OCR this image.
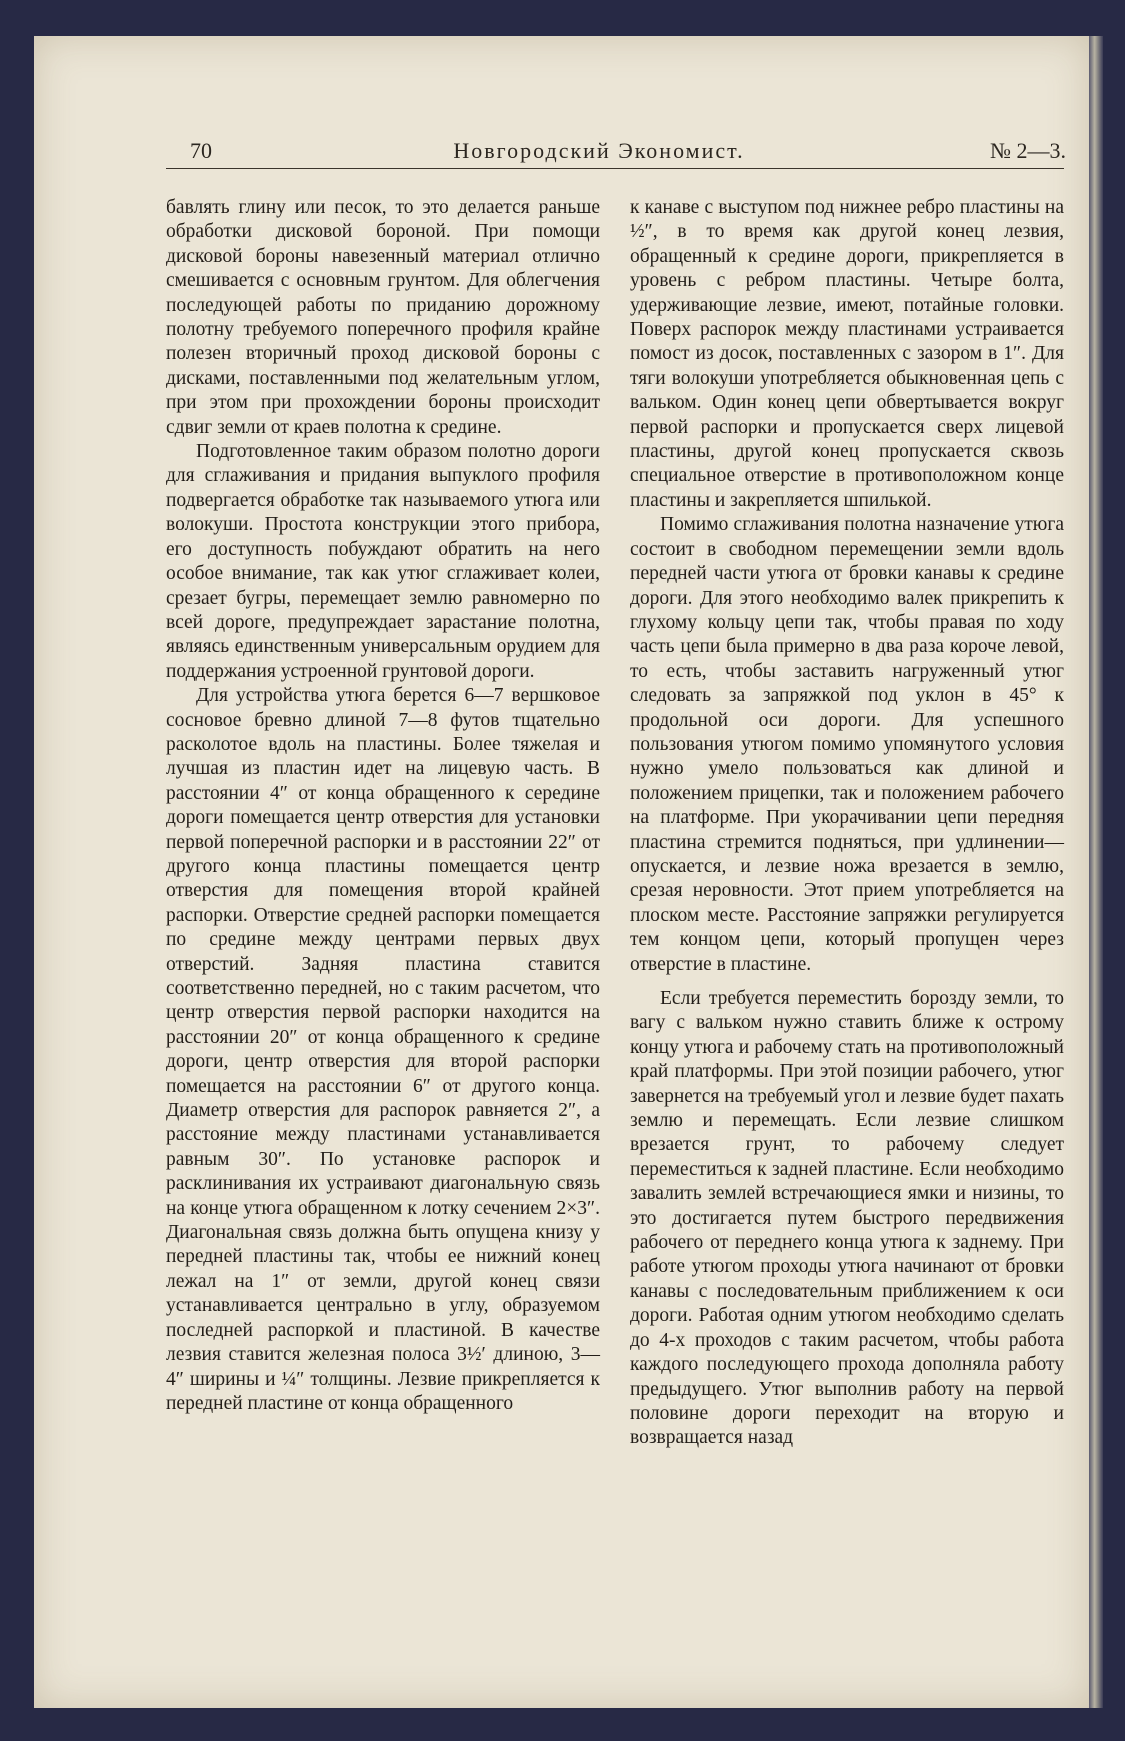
70	Новгородский Экономист.	№ 2—3.

бавлять глину или песок, то это делается раньше обработки дисковой бороной. При помощи дисковой бороны навезенный материал отлично смешивается с основным грунтом. Для облегчения последующей работы по приданию дорожному полотну требуемого поперечного профиля крайне полезен вторичный проход дисковой бороны с дисками, поставленными под желательным углом, при этом при прохождении бороны происходит сдвиг земли от краев полотна к средине.

Подготовленное таким образом полотно дороги для сглаживания и придания выпуклого профиля подвергается обработке так называемого утюга или волокуши. Простота конструкции этого прибора, его доступность побуждают обратить на него особое внимание, так как утюг сглаживает колеи, срезает бугры, перемещает землю равномерно по всей дороге, предупреждает зарастание полотна, являясь единственным универсальным орудием для поддержания устроенной грунтовой дороги.

Для устройства утюга берется 6—7 вершковое сосновое бревно длиной 7—8 футов тщательно расколотое вдоль на пластины. Более тяжелая и лучшая из пластин идет на лицевую часть. В расстоянии 4″ от конца обращенного к середине дороги помещается центр отверстия для установки первой поперечной распорки и в расстоянии 22″ от другого конца пластины помещается центр отверстия для помещения второй крайней распорки. Отверстие средней распорки помещается по средине между центрами первых двух отверстий. Задняя пластина ставится соответственно передней, но с таким расчетом, что центр отверстия первой распорки находится на расстоянии 20″ от конца обращенного к средине дороги, центр отверстия для второй распорки помещается на расстоянии 6″ от другого конца. Диаметр отверстия для распорок равняется 2″, а расстояние между пластинами устанавливается равным 30″. По установке распорок и расклинивания их устраивают диагональную связь на конце утюга обращенном к лотку сечением 2×3″. Диагональная связь должна быть опущена книзу у передней пластины так, чтобы ее нижний конец лежал на 1″ от земли, другой конец связи устанавливается центрально в углу, образуемом последней распоркой и пластиной. В качестве лезвия ставится железная полоса 3½′ длиною, 3—4″ ширины и ¼″ толщины. Лезвие прикрепляется к передней пластине от конца обращенного

к канаве с выступом под нижнее ребро пластины на ½″, в то время как другой конец лезвия, обращенный к средине дороги, прикрепляется в уровень с ребром пластины. Четыре болта, удерживающие лезвие, имеют, потайные головки. Поверх распорок между пластинами устраивается помост из досок, поставленных с зазором в 1″. Для тяги волокуши употребляется обыкновенная цепь с вальком. Один конец цепи обвертывается вокруг первой распорки и пропускается сверх лицевой пластины, другой конец пропускается сквозь специальное отверстие в противоположном конце пластины и закрепляется шпилькой.

Помимо сглаживания полотна назначение утюга состоит в свободном перемещении земли вдоль передней части утюга от бровки канавы к средине дороги. Для этого необходимо валек прикрепить к глухому кольцу цепи так, чтобы правая по ходу часть цепи была примерно в два раза короче левой, то есть, чтобы заставить нагруженный утюг следовать за запряжкой под уклон в 45° к продольной оси дороги. Для успешного пользования утюгом помимо упомянутого условия нужно умело пользоваться как длиной и положением прицепки, так и положением рабочего на платформе. При укорачивании цепи передняя пластина стремится подняться, при удлинении—опускается, и лезвие ножа врезается в землю, срезая неровности. Этот прием употребляется на плоском месте. Расстояние запряжки регулируется тем концом цепи, который пропущен через отверстие в пластине.

Если требуется переместить борозду земли, то вагу с вальком нужно ставить ближе к острому концу утюга и рабочему стать на противоположный край платформы. При этой позиции рабочего, утюг завернется на требуемый угол и лезвие будет пахать землю и перемещать. Если лезвие слишком врезается грунт, то рабочему следует переместиться к задней пластине. Если необходимо завалить землей встречающиеся ямки и низины, то это достигается путем быстрого передвижения рабочего от переднего конца утюга к заднему. При работе утюгом проходы утюга начинают от бровки канавы с последовательным приближением к оси дороги. Работая одним утюгом необходимо сделать до 4-х проходов с таким расчетом, чтобы работа каждого последующего прохода дополняла работу предыдущего. Утюг выполнив работу на первой половине дороги переходит на вторую и возвращается назад
